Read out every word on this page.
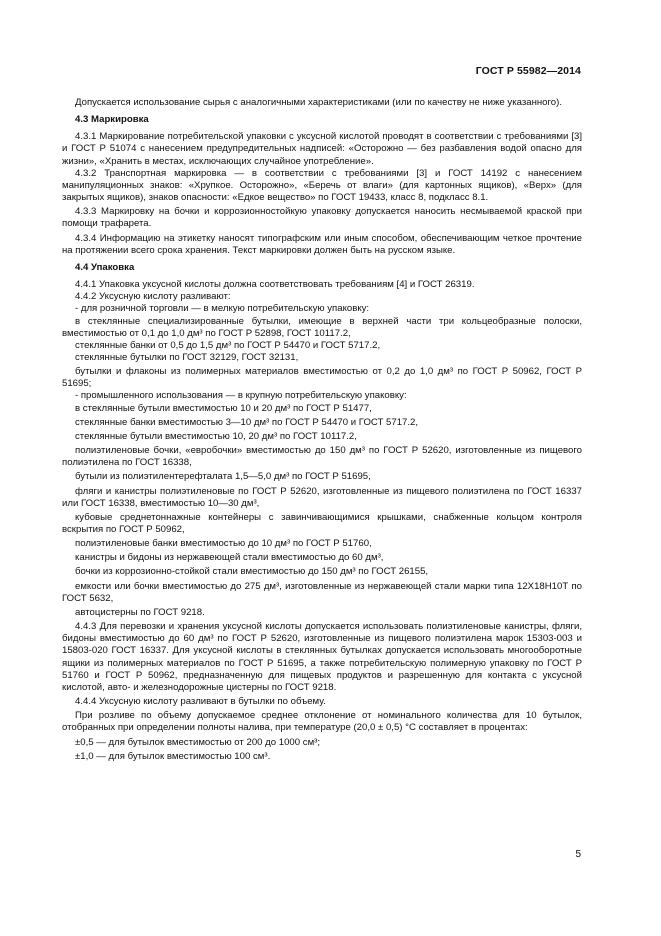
ГОСТ Р 55982—2014

Допускается использование сырья с аналогичными характеристиками (или по качеству не ниже указанного).

4.3 Маркировка

4.3.1 Маркирование потребительской упаковки с уксусной кислотой проводят в соответствии с требованиями [3] и ГОСТ Р 51074 с нанесением предупредительных надписей: «Осторожно — без разбавления водой опасно для жизни», «Хранить в местах, исключающих случайное употребление».

4.3.2 Транспортная маркировка — в соответствии с требованиями [3] и ГОСТ 14192 с нанесением манипуляционных знаков: «Хрупкое. Осторожно», «Беречь от влаги» (для картонных ящиков), «Верх» (для закрытых ящиков), знаков опасности: «Едкое вещество» по ГОСТ 19433, класс 8, подкласс 8.1.

4.3.3 Маркировку на бочки и коррозионностойкую упаковку допускается наносить несмываемой краской при помощи трафарета.

4.3.4 Информацию на этикетку наносят типографским или иным способом, обеспечивающим четкое прочтение на протяжении всего срока хранения. Текст маркировки должен быть на русском языке.

4.4 Упаковка

4.4.1 Упаковка уксусной кислоты должна соответствовать требованиям [4] и ГОСТ 26319.

4.4.2 Уксусную кислоту разливают:

- для розничной торговли — в мелкую потребительскую упаковку:

в стеклянные специализированные бутылки, имеющие в верхней части три кольцеобразные полоски, вместимостью от 0,1 до 1,0 дм³ по ГОСТ Р 52898, ГОСТ 10117.2,

стеклянные банки от 0,5 до 1,5 дм³ по ГОСТ Р 54470 и ГОСТ 5717.2,

стеклянные бутылки по ГОСТ 32129, ГОСТ 32131,

бутылки и флаконы из полимерных материалов вместимостью от 0,2 до 1,0 дм³ по ГОСТ Р 50962, ГОСТ Р 51695;

- промышленного использования — в крупную потребительскую упаковку:

в стеклянные бутыли вместимостью 10 и 20 дм³ по ГОСТ Р 51477,

стеклянные банки вместимостью 3—10 дм³ по ГОСТ Р 54470 и ГОСТ 5717.2,

стеклянные бутыли вместимостью 10, 20 дм³ по ГОСТ 10117.2,

полиэтиленовые бочки, «евробочки» вместимостью до 150 дм³ по ГОСТ Р 52620, изготовленные из пищевого полиэтилена по ГОСТ 16338,

бутыли из полиэтилентерефталата 1,5—5,0 дм³ по ГОСТ Р 51695,

фляги и канистры полиэтиленовые по ГОСТ Р 52620, изготовленные из пищевого полиэтилена по ГОСТ 16337 или ГОСТ 16338, вместимостью 10—30 дм³,

кубовые среднетоннажные контейнеры с завинчивающимися крышками, снабженные кольцом контроля вскрытия по ГОСТ Р 50962,

полиэтиленовые банки вместимостью до 10 дм³ по ГОСТ Р 51760,

канистры и бидоны из нержавеющей стали вместимостью до 60 дм³,

бочки из коррозионно-стойкой стали вместимостью до 150 дм³ по ГОСТ 26155,

емкости или бочки вместимостью до 275 дм³, изготовленные из нержавеющей стали марки типа 12Х18Н10Т по ГОСТ 5632,

автоцистерны по ГОСТ 9218.

4.4.3 Для перевозки и хранения уксусной кислоты допускается использовать полиэтиленовые канистры, фляги, бидоны вместимостью до 60 дм³ по ГОСТ Р 52620, изготовленные из пищевого полиэтилена марок 15303-003 и 15803-020 ГОСТ 16337. Для уксусной кислоты в стеклянных бутылках допускается использовать многооборотные ящики из полимерных материалов по ГОСТ Р 51695, а также потребительскую полимерную упаковку по ГОСТ Р 51760 и ГОСТ Р 50962, предназначенную для пищевых продуктов и разрешенную для контакта с уксусной кислотой, авто- и железнодорожные цистерны по ГОСТ 9218.

4.4.4 Уксусную кислоту разливают в бутылки по объему.

При розливе по объему допускаемое среднее отклонение от номинального количества для 10 бутылок, отобранных при определении полноты налива, при температуре (20,0 ± 0,5) °С составляет в процентах:

±0,5 — для бутылок вместимостью от 200 до 1000 см³;

±1,0 — для бутылок вместимостью 100 см³.

5
